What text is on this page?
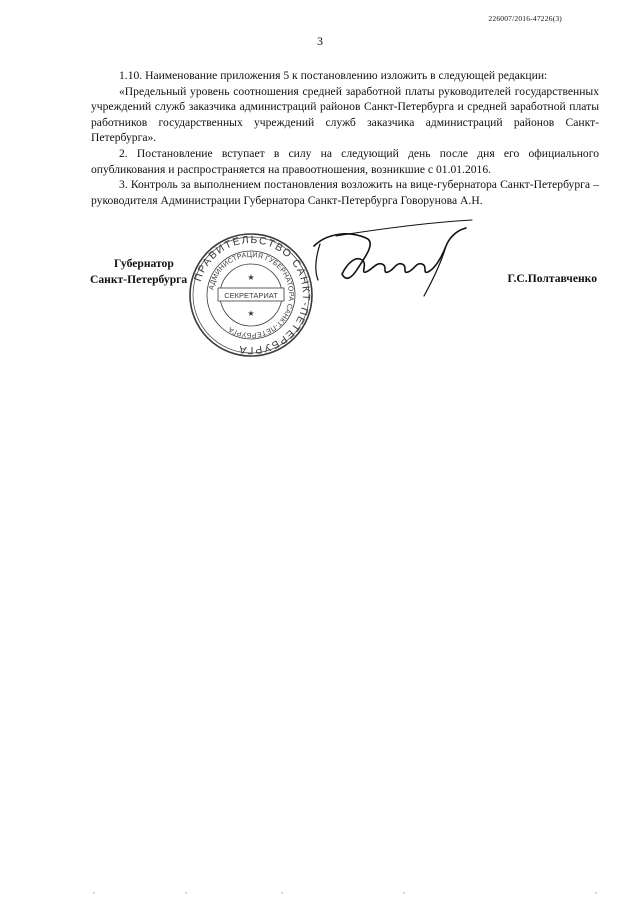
226007/2016-47226(3)
3

1.10. Наименование приложения 5 к постановлению изложить в следующей редакции:

«Предельный уровень соотношения средней заработной платы руководителей государственных учреждений служб заказчика администраций районов Санкт-Петербурга и средней заработной платы работников государственных учреждений служб заказчика администраций районов Санкт-Петербурга».

2. Постановление вступает в силу на следующий день после дня его официального опубликования и распространяется на правоотношения, возникшие с 01.01.2016.

3. Контроль за выполнением постановления возложить на вице-губернатора Санкт-Петербурга – руководителя Администрации Губернатора Санкт-Петербурга Говорунова А.Н.

Губернатор
Санкт-Петербурга ПРАВИТЕЛЬСТВО САНКТ-ПЕТЕРБУРГА
АДМИНИСТРАЦИЯ ГУБЕРНАТОРА САНКТ-ПЕТЕРБУРГА
СЕКРЕТАРИАТ
★
★
Г.С.Полтавченко
